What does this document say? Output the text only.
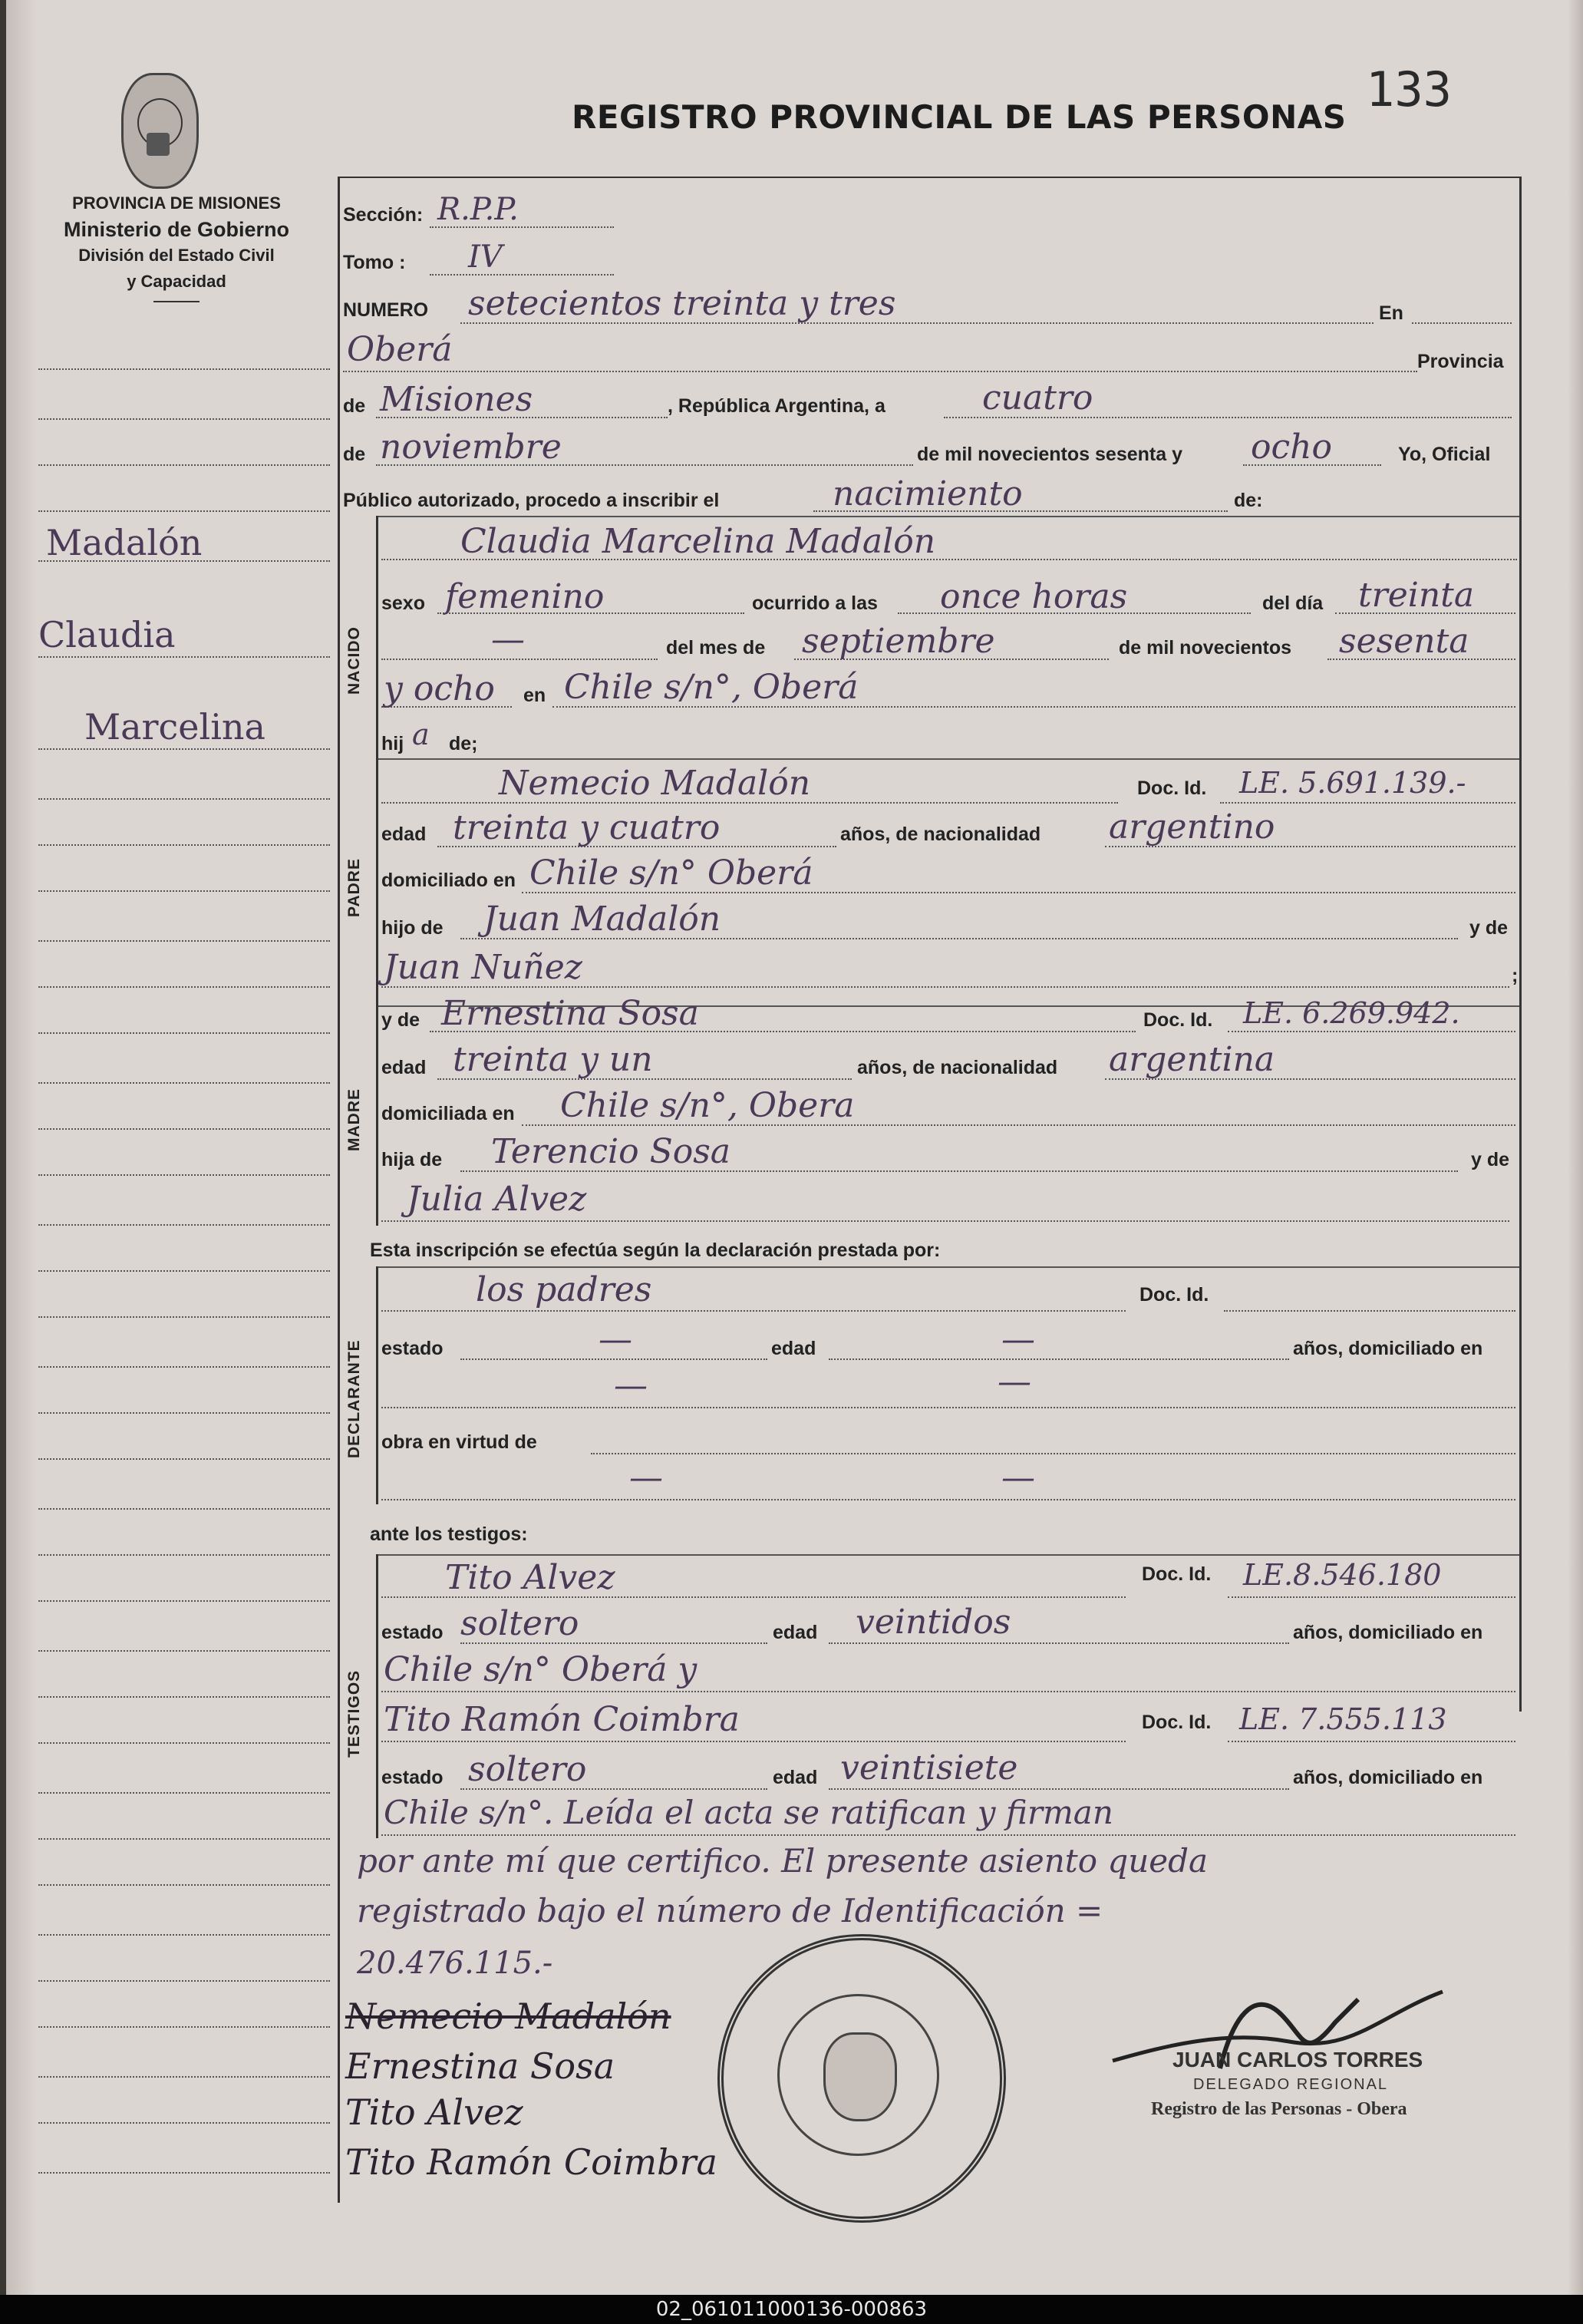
REGISTRO PROVINCIAL DE LAS PERSONAS 133
PROVINCIA DE MISIONES
Ministerio de Gobierno
División del Estado Civil
y Capacidad
Madalón
Claudia
Marcelina
Sección: R.P.P.
Tomo : IV
NUMERO setecientos treinta y tres	En
Oberá	Provincia
de Misiones	, República Argentina, a	cuatro
de noviembre	de mil novecientos sesenta y ocho	Yo, Oficial
Público autorizado, procedo a inscribir el	nacimiento	de:
NACIDO
Claudia Marcelina Madalón
sexo femenino	ocurrido a las once horas	del día treinta
—	del mes de septiembre	de mil novecientos sesenta
y ocho en Chile s/n°, Oberá
hij a de;
PADRE
Nemecio Madalón	Doc. Id. LE. 5.691.139.-
edad treinta y cuatro	años, de nacionalidad argentino
domiciliado en Chile s/n° Oberá
hijo de Juan Madalón	y de
Juan Nuñez	;
MADRE
y de Ernestina Sosa	Doc. Id. LE. 6.269.942.
edad treinta y un	años, de nacionalidad argentina
domiciliada en Chile s/n°, Obera
hija de Terencio Sosa	y de
Julia Alvez
Esta inscripción se efectúa según la declaración prestada por:
DECLARANTE
los padres	Doc. Id.
estado	—	edad	—	años, domiciliado en
—	—
obra en virtud de
—	—
ante los testigos:
TESTIGOS
Tito Alvez	Doc. Id. LE.8.546.180
estado soltero	edad veintidos	años, domiciliado en
Chile s/n° Oberá y
Tito Ramón Coimbra	Doc. Id. LE. 7.555.113
estado soltero	edad veintisiete	años, domiciliado en
Chile s/n°. Leída el acta se ratifican y firman
por ante mí que certifico. El presente asiento queda
registrado bajo el número de Identificación =
20.476.115.-
Nemecio Madalón
Ernestina Sosa
Tito Alvez
Tito Ramón Coimbra
JUAN CARLOS TORRES
DELEGADO REGIONAL
Registro de las Personas - Obera
02_061011000136-000863
